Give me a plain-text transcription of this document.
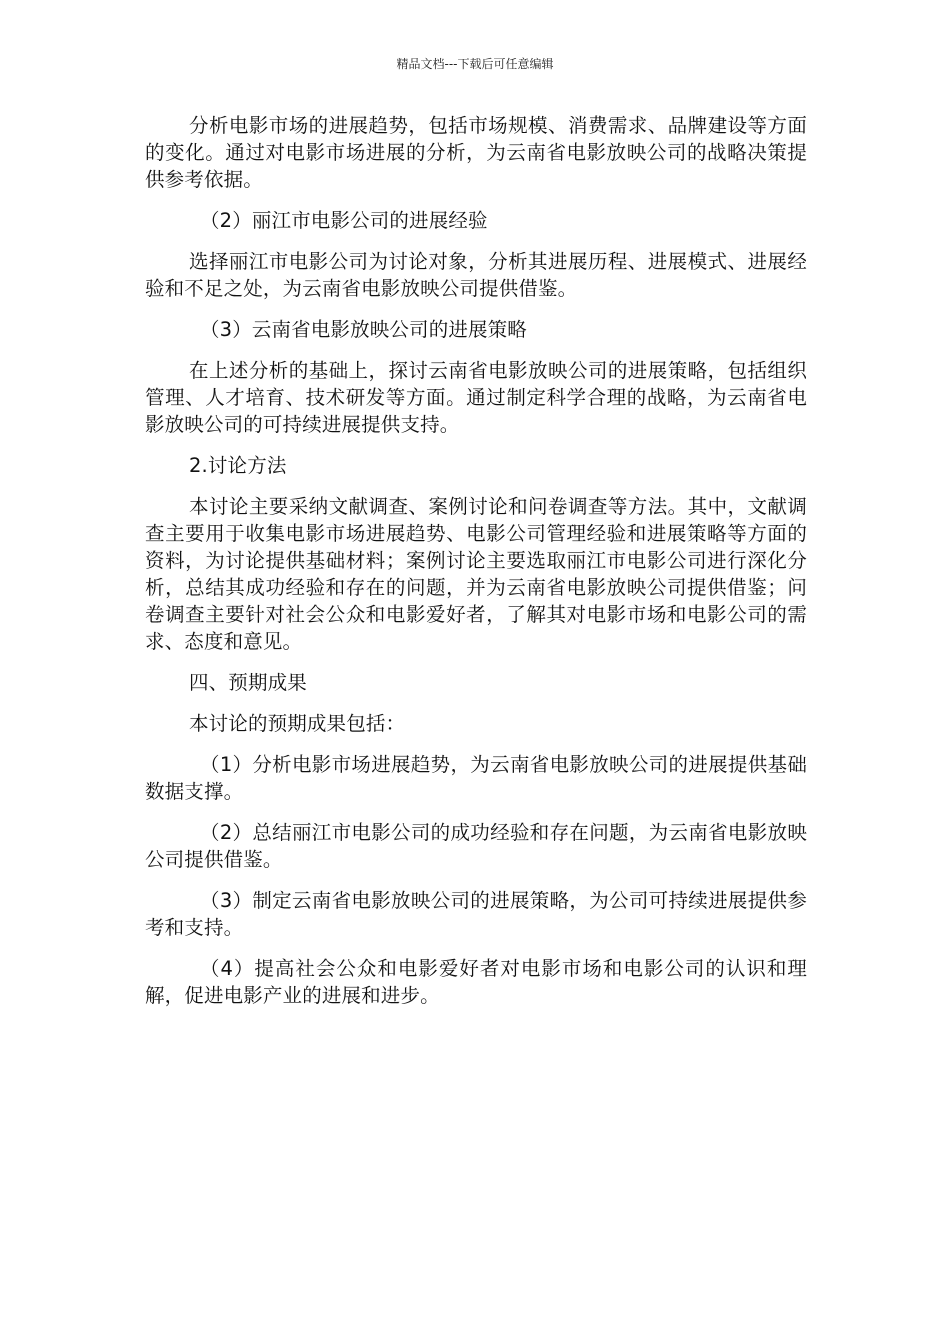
精品文档---下载后可任意编辑

分析电影市场的进展趋势，包括市场规模、消费需求、品牌建设等方面的变化。通过对电影市场进展的分析，为云南省电影放映公司的战略决策提供参考依据。

（2）丽江市电影公司的进展经验

选择丽江市电影公司为讨论对象，分析其进展历程、进展模式、进展经验和不足之处，为云南省电影放映公司提供借鉴。

（3）云南省电影放映公司的进展策略

在上述分析的基础上，探讨云南省电影放映公司的进展策略，包括组织管理、人才培育、技术研发等方面。通过制定科学合理的战略，为云南省电影放映公司的可持续进展提供支持。

2.讨论方法

本讨论主要采纳文献调查、案例讨论和问卷调查等方法。其中，文献调查主要用于收集电影市场进展趋势、电影公司管理经验和进展策略等方面的资料，为讨论提供基础材料；案例讨论主要选取丽江市电影公司进行深化分析，总结其成功经验和存在的问题，并为云南省电影放映公司提供借鉴；问卷调查主要针对社会公众和电影爱好者，了解其对电影市场和电影公司的需求、态度和意见。

四、预期成果

本讨论的预期成果包括：

（1）分析电影市场进展趋势，为云南省电影放映公司的进展提供基础数据支撑。

（2）总结丽江市电影公司的成功经验和存在问题，为云南省电影放映公司提供借鉴。

（3）制定云南省电影放映公司的进展策略，为公司可持续进展提供参考和支持。

（4）提高社会公众和电影爱好者对电影市场和电影公司的认识和理解，促进电影产业的进展和进步。
